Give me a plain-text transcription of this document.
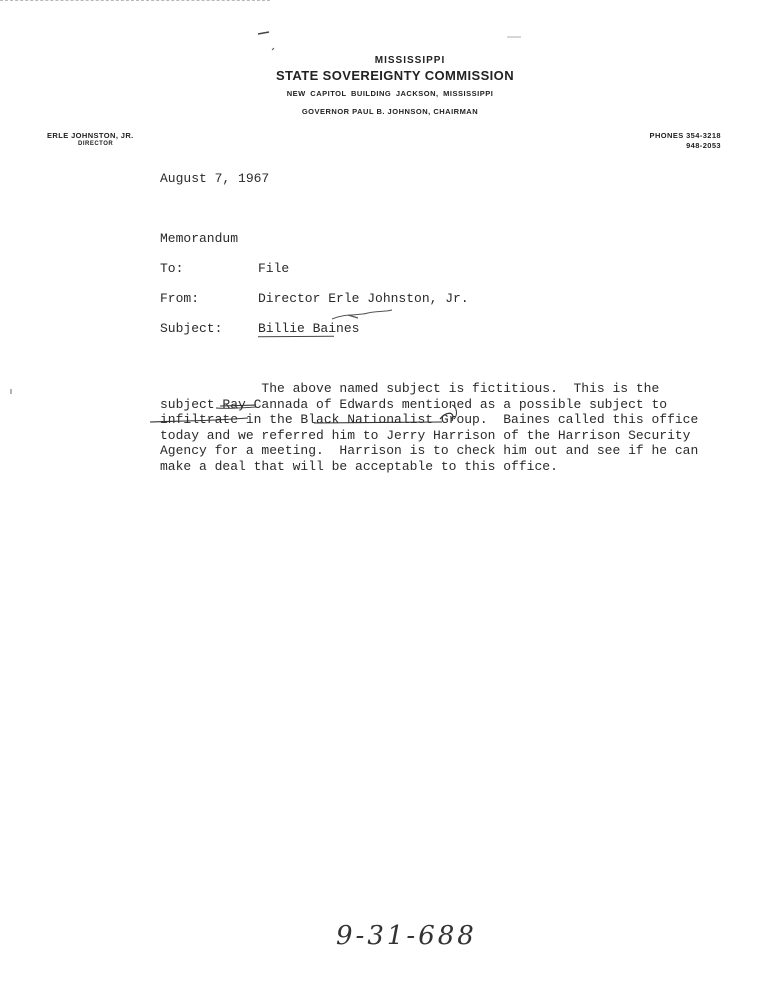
MISSISSIPPI
STATE SOVEREIGNTY COMMISSION
NEW CAPITOL BUILDING JACKSON, MISSISSIPPI
GOVERNOR PAUL B. JOHNSON, CHAIRMAN
ERLE JOHNSTON, JR.
DIRECTOR
PHONES 354-3218
948-2053
August 7, 1967
Memorandum
To:	File
From:	Director Erle Johnston, Jr.
Subject:	Billie Baines
The above named subject is fictitious.  This is the
subject Ray Cannada of Edwards mentioned as a possible subject to
infiltrate in the Black Nationalist Group.  Baines called this office
today and we referred him to Jerry Harrison of the Harrison Security
Agency for a meeting.  Harrison is to check him out and see if he can
make a deal that will be acceptable to this office.
9-31-688
